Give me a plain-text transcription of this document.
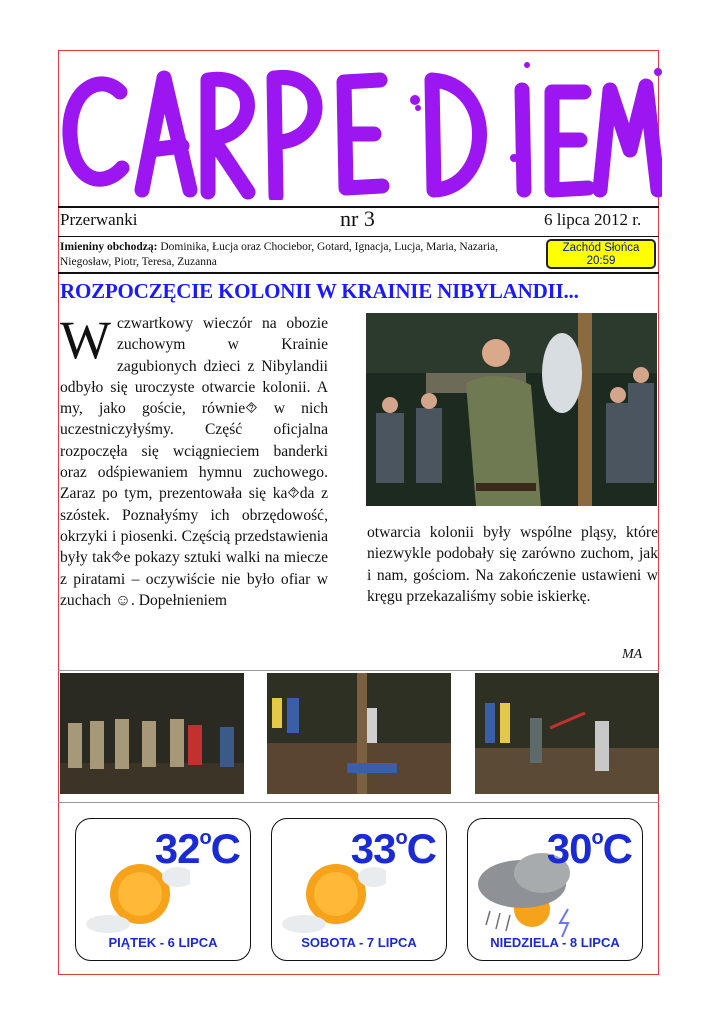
Przerwanki	nr 3	6 lipca 2012 r.
Imieniny obchodzą: Dominika, Łucja oraz Chociebor, Gotard, Ignacja, Lucja, Maria, Nazaria, Niegosław, Piotr, Teresa, Zuzanna
Zachód Słońca
20:59
ROZPOCZĘCIE KOLONII W KRAINIE NIBYLANDII...
W czwartkowy wieczór na obozie zuchowym w Krainie zagubionych dzieci z Nibylandii odbyło się uroczyste otwarcie kolonii. A my, jako goście, równie⯑ w nich uczestniczyłyśmy. Część oficjalna rozpoczęła się wciągnieciem banderki oraz odśpiewaniem hymnu zuchowego. Zaraz po tym, prezentowała się ka⯑da z szóstek. Poznałyśmy ich obrzędowość, okrzyki i piosenki. Częścią przedstawienia były tak⯑e pokazy sztuki walki na miecze z piratami – oczywiście nie było ofiar w zuchach ☺. Dopełnieniem
otwarcia kolonii były wspólne pląsy, które niezwykle podobały się zarówno zuchom, jak i nam, gościom. Na zakończenie ustawieni w kręgu przekazaliśmy sobie iskierkę.
MA
32$^o$C
PIĄTEK - 6 LIPCA
33$^o$C
SOBOTA - 7 LIPCA
30$^o$C
NIEDZIELA - 8 LIPCA
